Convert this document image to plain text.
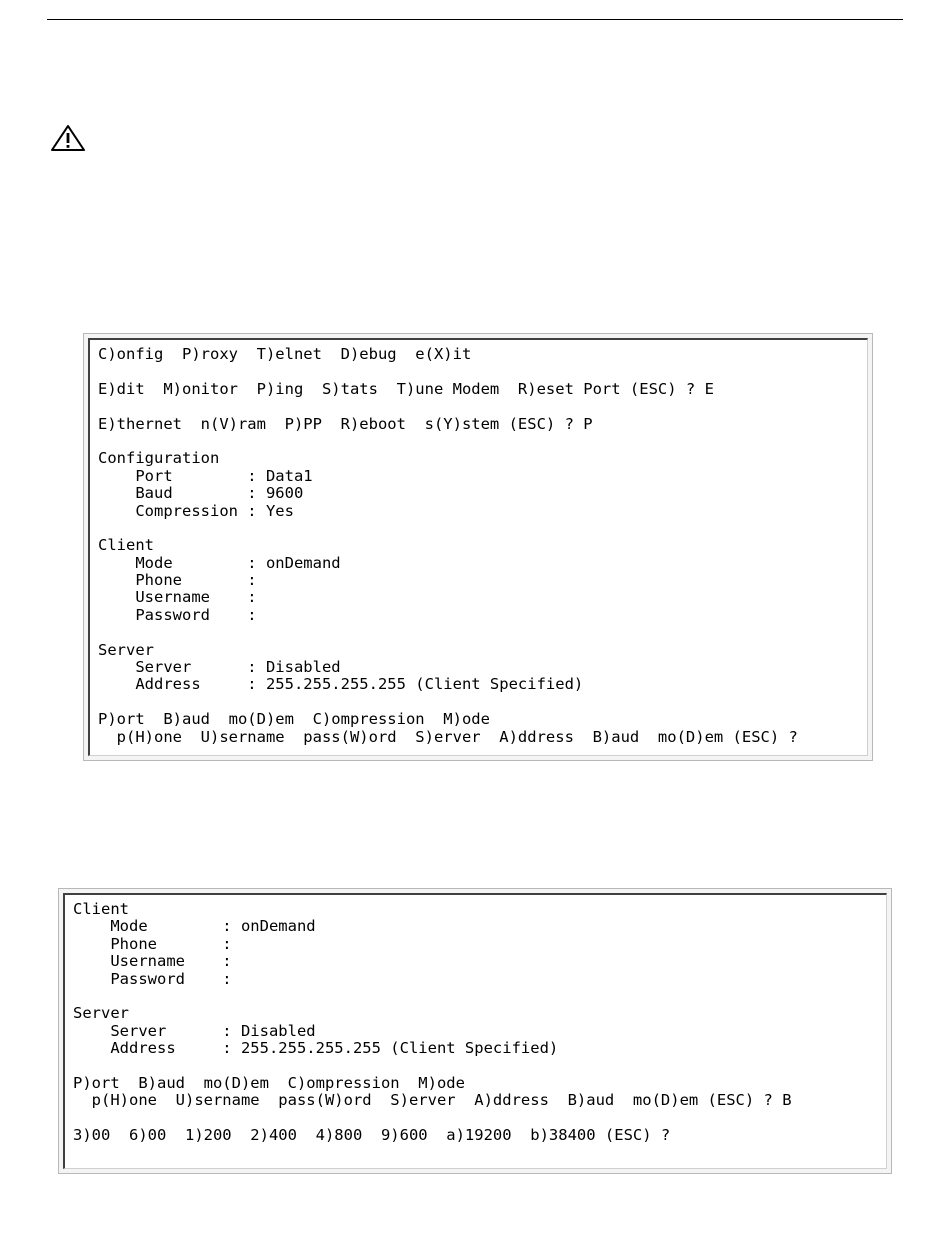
C)onfig  P)roxy  T)elnet  D)ebug  e(X)it
E)dit  M)onitor  P)ing  S)tats  T)une Modem  R)eset Port (ESC) ? E
E)thernet  n(V)ram  P)PP  R)eboot  s(Y)stem (ESC) ? P
Configuration
Port        : Data1
Baud        : 9600
Compression : Yes
Client
Mode        : onDemand
Phone       :
Username    :
Password    :
Server
Server      : Disabled
Address     : 255.255.255.255 (Client Specified)
P)ort  B)aud  mo(D)em  C)ompression  M)ode
p(H)one  U)sername  pass(W)ord  S)erver  A)ddress  B)aud  mo(D)em (ESC) ?
Client
Mode        : onDemand
Phone       :
Username    :
Password    :
Server
Server      : Disabled
Address     : 255.255.255.255 (Client Specified)
P)ort  B)aud  mo(D)em  C)ompression  M)ode
p(H)one  U)sername  pass(W)ord  S)erver  A)ddress  B)aud  mo(D)em (ESC) ? B
3)00  6)00  1)200  2)400  4)800  9)600  a)19200  b)38400 (ESC) ?
